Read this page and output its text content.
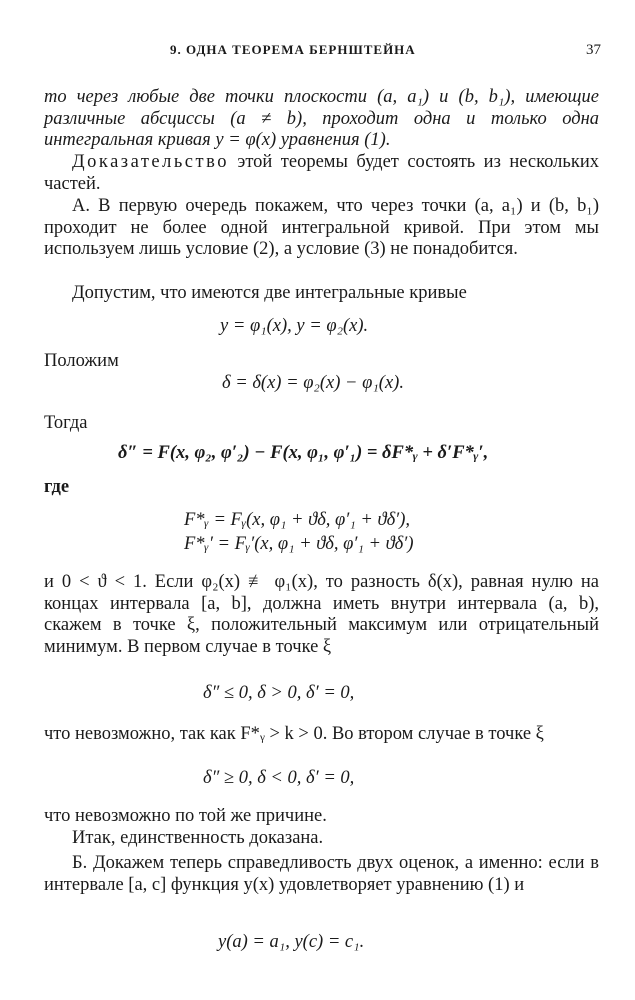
9. ОДНА ТЕОРЕМА БЕРНШТЕЙНА	37
то через любые две точки плоскости (a, a₁) и (b, b₁), имеющие различные абсциссы (a ≠ b), проходит одна и только одна интегральная кривая y = φ(x) уравнения (1).
Доказательство этой теоремы будет состоять из нескольких частей.
А. В первую очередь покажем, что через точки (a, a₁) и (b, b₁) проходит не более одной интегральной кривой. При этом мы используем лишь условие (2), а условие (3) не понадобится.
Допустим, что имеются две интегральные кривые
y = φ₁(x), y = φ₂(x).
Положим
δ = δ(x) = φ₂(x) − φ₁(x).
Тогда
δ″ = F(x, φ₂, φ′₂) − F(x, φ₁, φ′₁) = δF*ᵧ + δ′F*ᵧ′,
где
F*ᵧ = Fᵧ(x, φ₁ + ϑδ, φ′₁ + ϑδ′),
F*ᵧ′ = Fᵧ′(x, φ₁ + ϑδ, φ′₁ + ϑδ′)
и 0 < ϑ < 1. Если φ₂(x) ≢ φ₁(x), то разность δ(x), равная нулю на концах интервала [a, b], должна иметь внутри интервала (a, b), скажем в точке ξ, положительный максимум или отрицательный минимум. В первом случае в точке ξ
δ″ ≤ 0, δ > 0, δ′ = 0,
что невозможно, так как F*ᵧ > k > 0. Во втором случае в точке ξ
δ″ ≥ 0, δ < 0, δ′ = 0,
что невозможно по той же причине.
Итак, единственность доказана.
Б. Докажем теперь справедливость двух оценок, а именно: если в интервале [a, c] функция y(x) удовлетворяет уравнению (1) и
y(a) = a₁, y(c) = c₁.
